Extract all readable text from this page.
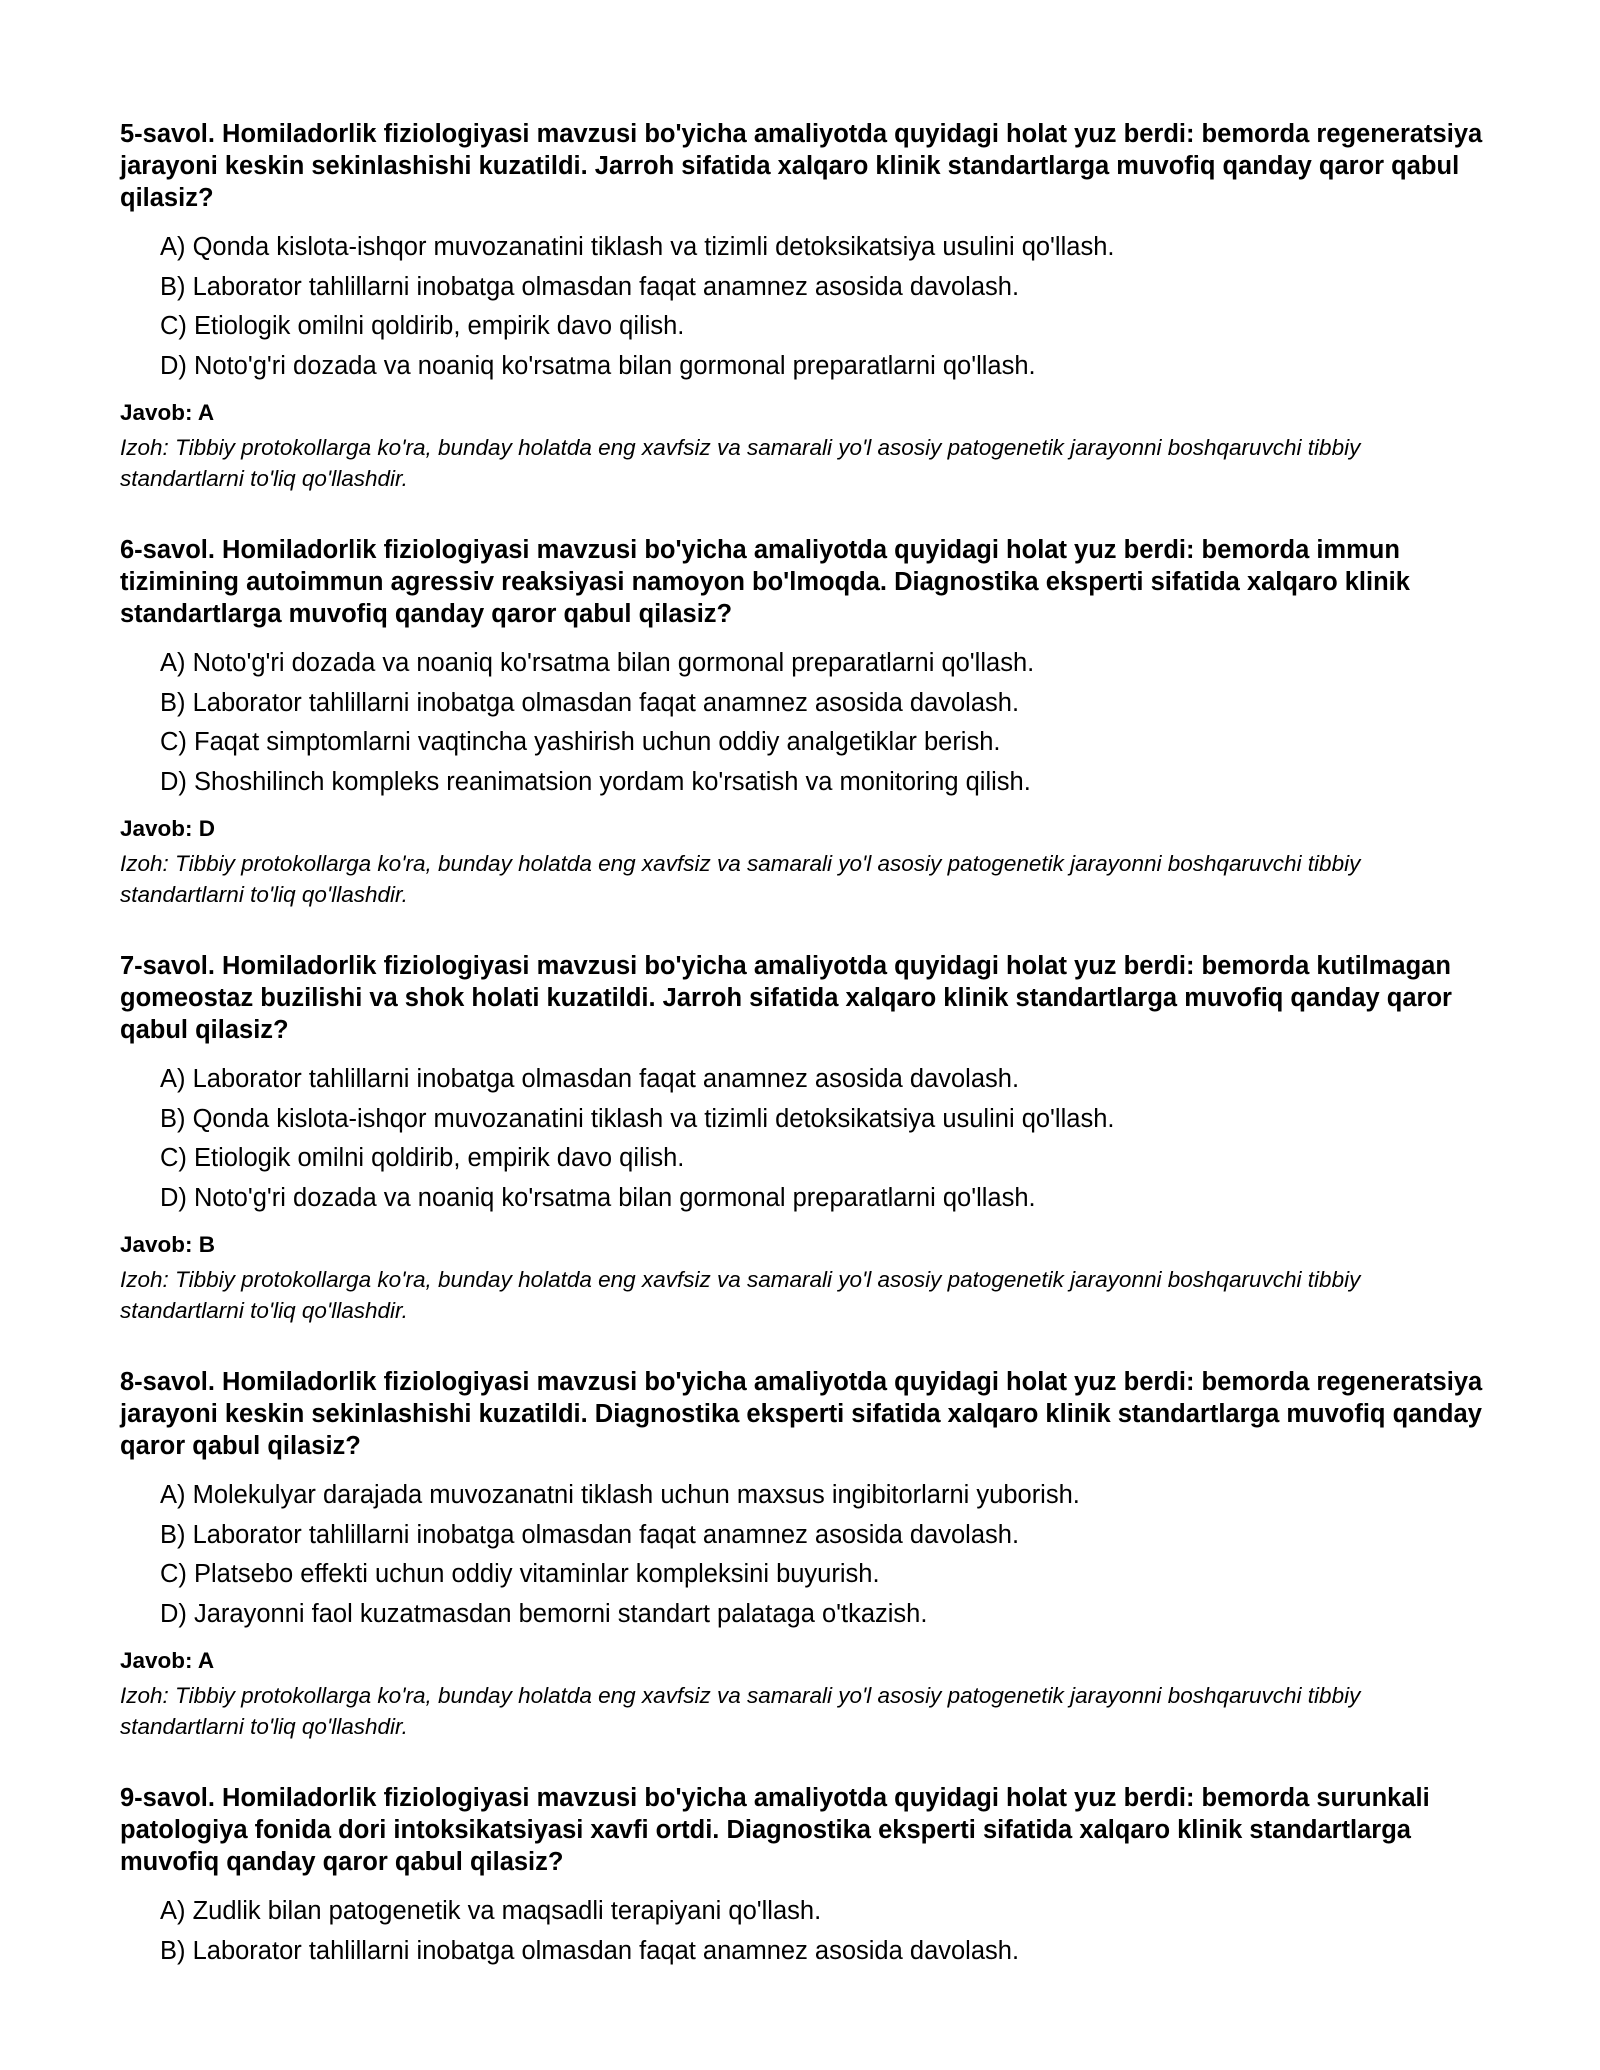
5-savol. Homiladorlik fiziologiyasi mavzusi bo'yicha amaliyotda quyidagi holat yuz berdi: bemorda regeneratsiya jarayoni keskin sekinlashishi kuzatildi. Jarroh sifatida xalqaro klinik standartlarga muvofiq qanday qaror qabul qilasiz?
A) Qonda kislota-ishqor muvozanatini tiklash va tizimli detoksikatsiya usulini qo'llash.
B) Laborator tahlillarni inobatga olmasdan faqat anamnez asosida davolash.
C) Etiologik omilni qoldirib, empirik davo qilish.
D) Noto'g'ri dozada va noaniq ko'rsatma bilan gormonal preparatlarni qo'llash.
Javob: A
Izoh: Tibbiy protokollarga ko'ra, bunday holatda eng xavfsiz va samarali yo'l asosiy patogenetik jarayonni boshqaruvchi tibbiy standartlarni to'liq qo'llashdir.
6-savol. Homiladorlik fiziologiyasi mavzusi bo'yicha amaliyotda quyidagi holat yuz berdi: bemorda immun tizimining autoimmun agressiv reaksiyasi namoyon bo'lmoqda. Diagnostika eksperti sifatida xalqaro klinik standartlarga muvofiq qanday qaror qabul qilasiz?
A) Noto'g'ri dozada va noaniq ko'rsatma bilan gormonal preparatlarni qo'llash.
B) Laborator tahlillarni inobatga olmasdan faqat anamnez asosida davolash.
C) Faqat simptomlarni vaqtincha yashirish uchun oddiy analgetiklar berish.
D) Shoshilinch kompleks reanimatsion yordam ko'rsatish va monitoring qilish.
Javob: D
Izoh: Tibbiy protokollarga ko'ra, bunday holatda eng xavfsiz va samarali yo'l asosiy patogenetik jarayonni boshqaruvchi tibbiy standartlarni to'liq qo'llashdir.
7-savol. Homiladorlik fiziologiyasi mavzusi bo'yicha amaliyotda quyidagi holat yuz berdi: bemorda kutilmagan gomeostaz buzilishi va shok holati kuzatildi. Jarroh sifatida xalqaro klinik standartlarga muvofiq qanday qaror qabul qilasiz?
A) Laborator tahlillarni inobatga olmasdan faqat anamnez asosida davolash.
B) Qonda kislota-ishqor muvozanatini tiklash va tizimli detoksikatsiya usulini qo'llash.
C) Etiologik omilni qoldirib, empirik davo qilish.
D) Noto'g'ri dozada va noaniq ko'rsatma bilan gormonal preparatlarni qo'llash.
Javob: B
Izoh: Tibbiy protokollarga ko'ra, bunday holatda eng xavfsiz va samarali yo'l asosiy patogenetik jarayonni boshqaruvchi tibbiy standartlarni to'liq qo'llashdir.
8-savol. Homiladorlik fiziologiyasi mavzusi bo'yicha amaliyotda quyidagi holat yuz berdi: bemorda regeneratsiya jarayoni keskin sekinlashishi kuzatildi. Diagnostika eksperti sifatida xalqaro klinik standartlarga muvofiq qanday qaror qabul qilasiz?
A) Molekulyar darajada muvozanatni tiklash uchun maxsus ingibitorlarni yuborish.
B) Laborator tahlillarni inobatga olmasdan faqat anamnez asosida davolash.
C) Platsebo effekti uchun oddiy vitaminlar kompleksini buyurish.
D) Jarayonni faol kuzatmasdan bemorni standart palataga o'tkazish.
Javob: A
Izoh: Tibbiy protokollarga ko'ra, bunday holatda eng xavfsiz va samarali yo'l asosiy patogenetik jarayonni boshqaruvchi tibbiy standartlarni to'liq qo'llashdir.
9-savol. Homiladorlik fiziologiyasi mavzusi bo'yicha amaliyotda quyidagi holat yuz berdi: bemorda surunkali patologiya fonida dori intoksikatsiyasi xavfi ortdi. Diagnostika eksperti sifatida xalqaro klinik standartlarga muvofiq qanday qaror qabul qilasiz?
A) Zudlik bilan patogenetik va maqsadli terapiyani qo'llash.
B) Laborator tahlillarni inobatga olmasdan faqat anamnez asosida davolash.
